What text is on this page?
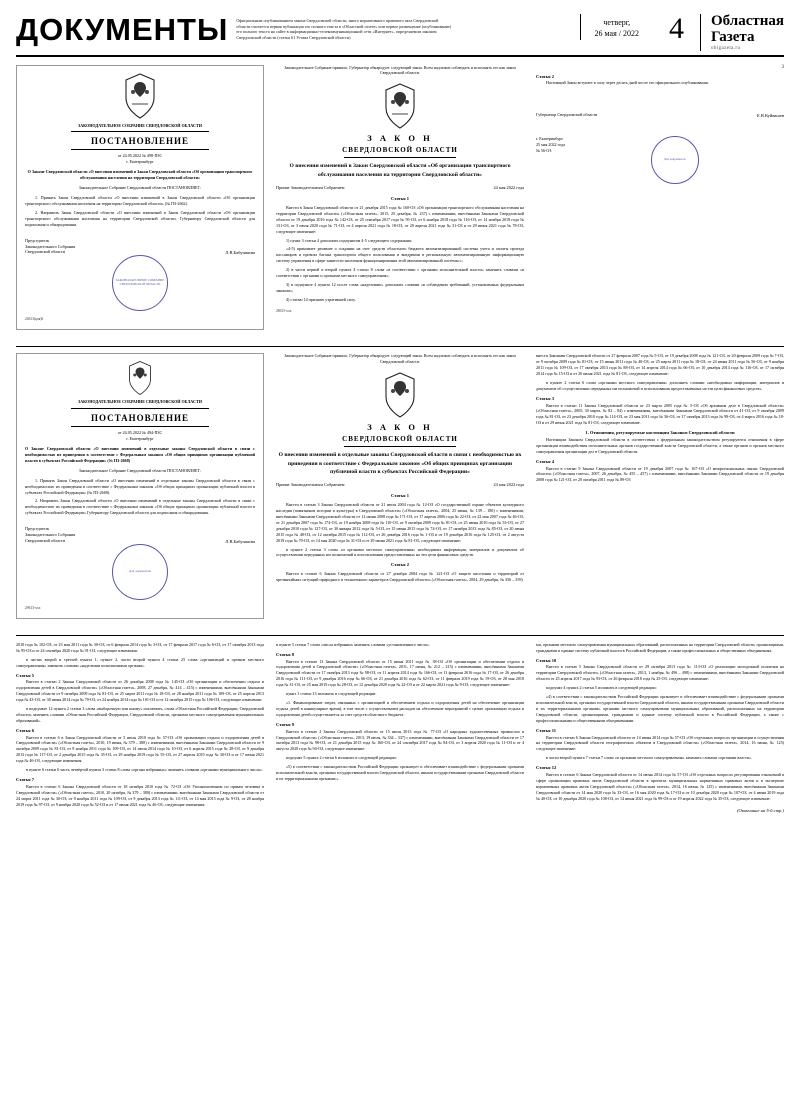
ДОКУМЕНТЫ	Официальным опубликованием закона Свердловской области, иного нормативного правового акта Свердловской области считается первая публикация его полного текста в «Областной газете» или первое размещение (опубликование) его полного текста на сайте в информационно-телекоммуникационной сети «Интернет», определяемом законом Свердловской области (статья 61 Устава Свердловской области)
четверг,
26 мая / 2022	4	Областная
Газета
oblgazeta.ru
ЗАКОНОДАТЕЛЬНОЕ СОБРАНИЕ СВЕРДЛОВСКОЙ ОБЛАСТИ
ПОСТАНОВЛЕНИЕ
от 24.05.2022 № 498-ПЗС
г. Екатеринбург
О Законе Свердловской области «О внесении изменений в Закон Свердловской области «Об организации транспортного обслуживания населения на территории Свердловской области»
Законодательное Собрание Свердловской области ПОСТАНОВЛЯЕТ:

1. Принять Закон Свердловской области «О внесении изменений в Закон Свердловской области «Об организации транспортного обслуживания населения на территории Свердловской области» (№ ПЗ-2662).

2. Направить Закон Свердловской области «О внесении изменений в Закон Свердловской области «Об организации транспортного обслуживания населения на территории Свердловской области» Губернатору Свердловской области для подписания и обнародования.

Председатель
Законодательного Собрания
Свердловской области	Л.В.Бабушкина
ЗАКОНОДАТЕЛЬНОЕ СОБРАНИЕ СВЕРДЛОВСКОЙ ОБЛАСТИ
24613(қоя)6
Законодательное Собрание приняло, Губернатор обнародует следующий закон. Всем надлежит соблюдать и исполнять его как закон Свердловской области.
З А К О Н
СВЕРДЛОВСКОЙ ОБЛАСТИ
О внесении изменений в Закон Свердловской области «Об организации транспортного обслуживания населения на территории Свердловской области»
Принят Законодательным Собранием	24 мая 2022 года
Статья 1

Внести в Закон Свердловской области от 21 декабря 2015 года № 160-ОЗ «Об организации транспортного обслуживания населения на территории Свердловской области» («Областная газета», 2015, 25 декабря, № 237) с изменениями, внесёнными Законами Свердловской области от 19 декабря 2016 года № 142-ОЗ, от 25 сентября 2017 года № 95-ОЗ, от 6 ноября 2018 года № 116-ОЗ, от 14 ноября 2018 года № 131-ОЗ, от 3 июля 2020 года № 71-ОЗ, от 4 апреля 2021 года № 18-ОЗ, от 20 апреля 2021 года № 31-ОЗ и от 29 июня 2021 года № 78-ОЗ, следующее изменение:

1) пункт 3 статьи 4 дополнить подпунктом 4-5 следующего содержания:

«4-5) принимает решение о создании на счет средств областного бюджета автоматизированной системы учета и оплаты проезда пассажиров и провоза багажа транспортом общего пользования и внедрении в региональную автоматизированную информационную систему управления в сфере занятости населения функционирования этой автоматизированной системы;»;

2) в части первой и второй пункта 4 статьи 8 слова «в соответствии с органами исполнительной власти» заменить словами «в соответствии с органами и органами местного самоуправления»;

3) в подпункте 4 пункта 12 после слова «наделению» дополнить словами «в соблюдении требований, установленных федеральным законом»;

4) статью 14 признать утратившей силу.

28615-ххх
3
Статья 2

Настоящий Закон вступает в силу через десять дней после его официального опубликования.

Губернатор Свердловской области	Е.В.Куйвашев
г. Екатеринбург
25 мая 2022 года
№ 56-ОЗ
Для документов
ЗАКОНОДАТЕЛЬНОЕ СОБРАНИЕ СВЕРДЛОВСКОЙ ОБЛАСТИ
ПОСТАНОВЛЕНИЕ
от 24.05.2022 № 494-ПЗС
г. Екатеринбург
О Законе Свердловской области «О внесении изменений в отдельные законы Свердловской области в связи с необходимостью их приведения в соответствие с Федеральным законом «Об общих принципах организации публичной власти в субъектах Российской Федерации» (№ ПЗ-2668)
Законодательное Собрание Свердловской области ПОСТАНОВЛЯЕТ:

1. Принять Закон Свердловской области «О внесении изменений в отдельные законы Свердловской области в связи с необходимостью их приведения в соответствие с Федеральным законом «Об общих принципах организации публичной власти в субъектах Российской Федерации» (№ ПЗ-2668).

2. Направить Закон Свердловской области «О внесении изменений в отдельные законы Свердловской области в связи с необходимостью их приведения в соответствие с Федеральным законом «Об общих принципах организации публичной власти в субъектах Российской Федерации» Губернатору Свердловской области для подписания и обнародования.

Председатель
Законодательного Собрания
Свердловской области	Л.В.Бабушкина
Для документов
29613-ххх
Законодательное Собрание приняло, Губернатор обнародует следующий закон. Всем надлежит соблюдать и исполнять его как закон Свердловской области.
З А К О Н
СВЕРДЛОВСКОЙ ОБЛАСТИ
О внесении изменений в отдельные законы Свердловской области в связи с необходимостью их приведения в соответствие с Федеральным законом «Об общих принципах организации публичной власти в субъектах Российской Федерации»
Принят Законодательным Собранием	24 мая 2022 года
Статья 1

Внести в статью 3 Закона Свердловской области от 21 июля 2004 года № 12-ОЗ «О государственной охране объектов культурного наследия (памятников истории и культуры) в Свердловской области» («Областная газета», 2004, 25 июня, № 139 – 180) с изменениями, внесёнными Законами Свердловской области от 12 июня 2008 года № 171-ОЗ, от 17 апреля 2006 года № 22-ОЗ, от 22 мая 2007 года № 46-ОЗ, от 21 декабря 2007 года № 174-ОЗ, от 19 ноября 2008 года № 110-ОЗ, от 9 октября 2009 года № 81-ОЗ, от 25 июня 2010 года № 53-ОЗ, от 27 декабря 2010 года № 127-ОЗ, от 30 января 2012 года № 5-ОЗ, от 15 июня 2015 года № 74-ОЗ, от 17 октября 2013 года № 85-ОЗ, от 20 июня 2015 года № 48-ОЗ, от 12 октября 2015 года № 112-ОЗ, от 26 декабря 2016 года № 1-ОЗ и от 19 декабря 2016 года № 125-ОЗ, от 2 августа 2019 года № 70-ОЗ, от 14 мая 2020 года № 31-ОЗ и от 29 июня 2021 года № 81-ОЗ, следующее изменение:

в пункте 2 статьи 3 слова «и органами местного самоуправления» необходимых информации, материалов и документов об осуществлении переданных им полномочий и использовании предоставленных на эти цели финансовых средств.

Статья 2

Внести в статью 6 Закона Свердловской области от 27 декабря 2004 года № 221-ОЗ «О защите населения и территорий от чрезвычайных ситуаций природного и техногенного характера в Свердловской области» («Областная газета», 2004, 29 декабря, № 356 – 359)

внести Законами Свердловской области от 27 февраля 2007 года № 5-ОЗ, от 19 декабря 2008 года № 121-ОЗ, от 20 февраля 2009 года № 7-ОЗ, от 9 октября 2009 года № 81-ОЗ, от 15 июня 2011 года № 40-ОЗ, от 25 марта 2011 года № 18-ОЗ, от 24 июня 2011 года № 56-ОЗ, от 9 ноября 2011 года № 109-ОЗ, от 17 октября 2013 года № 88-ОЗ, от 14 апреля 2014 года № 66-ОЗ, от 10 декабря 2014 года № 116-ОЗ, от 17 октября 2014 года № 15-ОЗ и от 20 июня 2021 года № 81-ОЗ, следующее изменение:

в пункте 2 статьи 6 слова «органами местного самоуправления» дополнить словами «необходимых информации, материалов и документов об осуществлении переданных им полномочий и использовании предоставленных на эти цели финансовых средств».

Статья 3

Внести в статью 11 Закона Свердловской области от 23 марта 2005 года № 5-ОЗ «Об архивном деле в Свердловской области» («Областная газета», 2005, 30 марта, № 82 – 84) с изменениями, внесёнными Законами Свердловской области от 41-ОЗ, от 9 октября 2009 года № 81-ОЗ, от 23 декабря 2010 года № 114-ОЗ, от 23 мая 2011 года № 36-ОЗ, от 17 октября 2013 года № 99-ОЗ, от 4 марта 2016 года № 18-ОЗ и от 29 июня 2021 года № 81-ОЗ, следующее изменение.

1. Отношения, регулируемые настоящим Законом Свердловской области

Настоящим Законом Свердловской области в соответствии с федеральным законодательством регулируются отношения в сфере организации взаимодействия исполнительных органов государственной власти Свердловской области, а также органов и органов местного самоуправления организации дел в Свердловской области.

Статья 4

Внести в статью 9 Закона Свердловской области от 19 декабря 2007 года № 167-ОЗ «О межрегиональных связях Свердловской области» («Областная газета», 2007, 26 декабря, № 455 – 457) с изменениями, внесёнными Законами Свердловской области от 19 декабря 2008 года № 121-ОЗ, от 20 октября 2011 года № 89-ОЗ

2010 года № 102-ОЗ, от 23 мая 2011 года № 30-ОЗ, от 6 февраля 2014 года № 3-ОЗ, от 17 февраля 2017 года № 6-ОЗ, от 17 октября 2013 года № 95-ОЗ и от 24 сентября 2020 года № 91-ОЗ, следующие изменения:

в частях второй и третьей пункта 1, пункте 2, части второй пункта 4 статьи 25 слова «организаций и органов местного самоуправления» заменить словами «наделении полномочиями органам».

Статья 5

Внести в статью 2 Закона Свердловской области от 26 декабря 2008 года № 145-ОЗ «Об организации и обеспечении отдыха и оздоровления детей в Свердловской области» («Областная газета», 2008, 27 декабря, № 414 – 415) с изменениями, внесёнными Законами Свердловской области от 9 октября 2009 года № 81-ОЗ, от 25 марта 2011 года № 18-ОЗ, от 28 ноября 2011 года № 109-ОЗ, от 25 апреля 2013 года № 43-ОЗ, от 30 июня 2014 года № 70-ОЗ, от 24 ноября 2014 года № 101-ОЗ и от 12 октября 2015 года № 106-ОЗ, следующие изменения:

в подпункте 12 пункта 2 статьи 3 слова «выборочную или иному» исключить, слова «Областная Российской Федерации, Свердловской области» заменить словами «Областная Российской Федерации, Свердловской области, органами местного самоуправления муниципальных образований».

Статья 6

Внести в статью 6 в Закон Свердловской области от 5 июля 2010 года № 57-ОЗ «Об организации отдыха и оздоровления детей в Свердловской области» («Областная газета», 2010, 19 июня, № 379 – 380) с изменениями, внесёнными Законами Свердловской области от 9 октября 2009 года № 81-ОЗ, от 9 ноября 2011 года № 109-ОЗ, от 14 июля 2014 года № 10-ОЗ, от 6 апреля 2015 года № 28-ОЗ, от 9 декабря 2013 года № 117-ОЗ, от 2 декабря 2015 года № 35-ОЗ, от 29 ноября 2019 года № 55-ОЗ, от 27 апреля 2019 года № 30-ОЗ и от 17 июня 2021 года № 46-ОЗ, следующие изменения:

в пункте 6 статьи 6 часть четвёртой пункта 3 статьи 8 слова «органа избранных» заменить словами «органами муниципального числа».

Статья 7

Внести в статью 6 Закона Свердловской области от 18 октября 2010 года № 72-ОЗ «Об Уполномоченном по правам человека в Свердловской области» («Областная газета», 2010, 20 октября, № 379 – 380) с изменениями, внесёнными Законами Свердловской области от 24 марта 2011 года № 30-ОЗ, от 9 ноября 2011 года № 109-ОЗ, от 9 декабря 2013 года № 111-ОЗ, от 14 мая 2015 года № 9-ОЗ, от 28 ноября 2019 года № 97-ОЗ, от 9 ноября 2020 года № 52-ОЗ и от 17 июня 2021 года № 46-ОЗ, следующие изменения:

в пункте 5 статьи 7 слова «числа избранных заменить словами «установленного числа».

Статья 8

Внести в статью 13 Закона Свердловской области от 15 июня 2011 года № 38-ОЗ «Об организации и обеспечении отдыха и оздоровления детей в Свердловской области» («Областная газета», 2011, 17 июня, № 212 – 215) с изменениями, внесёнными Законами Свердловской области от 17 октября 2013 года № 98-ОЗ, от 11 апреля 2014 года № 166-ОЗ, от 11 февраля 2016 года № 17-ОЗ, от 26 декабря 2016 года № 111-ОЗ, от 9 декабря 2016 года № 66-ОЗ, от 21 декабря 2016 года № 62-ОЗ, от 11 февраля 2019 года № 19-ОЗ, от 28 мая 2018 года № 31-ОЗ, от 25 мая 2019 года № 28-ОЗ, от 12 декабря 2020 года № 22-ОЗ и от 22 марта 2021 года № 9-ОЗ, следующее изменение:

пункт 1 статьи 13 изложить в следующей редакции:

«1. Финансирование затрат, связанных с организацией и обеспечением отдыха и оздоровления детей на обеспечение организации отдыха детей в каникулярное время), в том числе с осуществлением расходов на обеспечение мероприятий с целью организации отдыха и оздоровления детей осуществляется за счет средств областного бюджета.

Статья 9

Внести в статью 2 Закона Свердловской области от 15 июля 2013 года № 77-ОЗ «О народных художественных промыслах в Свердловской области» («Областная газета», 2013, 19 июля, № 334 – 337) с изменениями, внесёнными Законами Свердловской области от 17 октября 2013 года № 98-ОЗ, от 21 декабря 2015 года № 160-ОЗ, от 24 сентября 2017 года № 84-ОЗ, от 3 апреля 2020 года № 11-ОЗ и от 4 августа 2020 года № 94-ОЗ, следующее изменение:

подпункт 5 пункта 2 статьи 6 изложить в следующей редакции:

«5) в соответствии с законодательством Российской Федерации организует и обеспечивает взаимодействие с федеральными органами исполнительной власти, органами государственной власти Свердловской области, иными государственными органами Свердловской области и их территориальными органами;».

ми, органами местного самоуправления муниципальных образований, расположенных на территории Свердловской области, организациями, гражданами и единые систему публичной власти в Российской Федерации, а также профессиональных и общественных объединениях.

Статья 10

Внести в статью 5 Закона Свердловской области от 29 октября 2013 года № 113-ОЗ «О реализации молодежной политики на территории Свердловской области» («Областная газета», 2013, 1 ноября, № 496 – 498) с изменениями, внесёнными Законами Свердловской области от 25 апреля 2017 года № 93-ОЗ, от 26 февраля 2018 года № 25-ОЗ, следующее изменение:

подпункт 4 пункта 2 статьи 5 изложить в следующей редакции:

«4) в соответствии с законодательством Российской Федерации организует и обеспечивает взаимодействие с федеральными органами исполнительной власти, органами государственной власти Свердловской области, иными государственными органами Свердловской области и их территориальными органами, органами местного самоуправления муниципальных образований, расположенных на территории Свердловской области, организациями, гражданами и единые систему публичной власти в Российской Федерации, а также с профессиональными и общественными объединениями.

Статья 11

Внести в статью 6 Закона Свердловской области от 14 июня 2014 года № 57-ОЗ «Об отдельных вопросах организации и осуществления на территории Свердловской области географических объектов в Свердловской области» («Областная газета», 2014, 16 июня, № 125) следующее изменение:

в части второй пункта 7 статьи 7 слова «и органами местного самоуправления» заменить словами «органами власти».

Статья 12

Внести в статью 6 Закона Свердловской области от 14 июня 2014 года № 57-ОЗ «Об отдельных вопросах регулирования отношений в сфере организации правовых актов Свердловской области в проектах муниципальных нормативных правовых актов и в экспертизе нормативных правовых актов Свердловской области» («Областная газета», 2014, 16 июня, № 125) с изменениями, внесёнными Законами Свердловской области от 14 мая 2020 года № 33-ОЗ, от 16 мая 2020 года № 17-ОЗ и от 10 декабря 2020 года № 107-ОЗ, от 4 июня 2019 года № 40-ОЗ, от 10 декабря 2020 года № 108-ОЗ, от 14 июня 2021 года № 99-ОЗ и от 19 апреля 2022 года № 35-ОЗ, следующее изменение:

(Окончание на 5-й стр.)
